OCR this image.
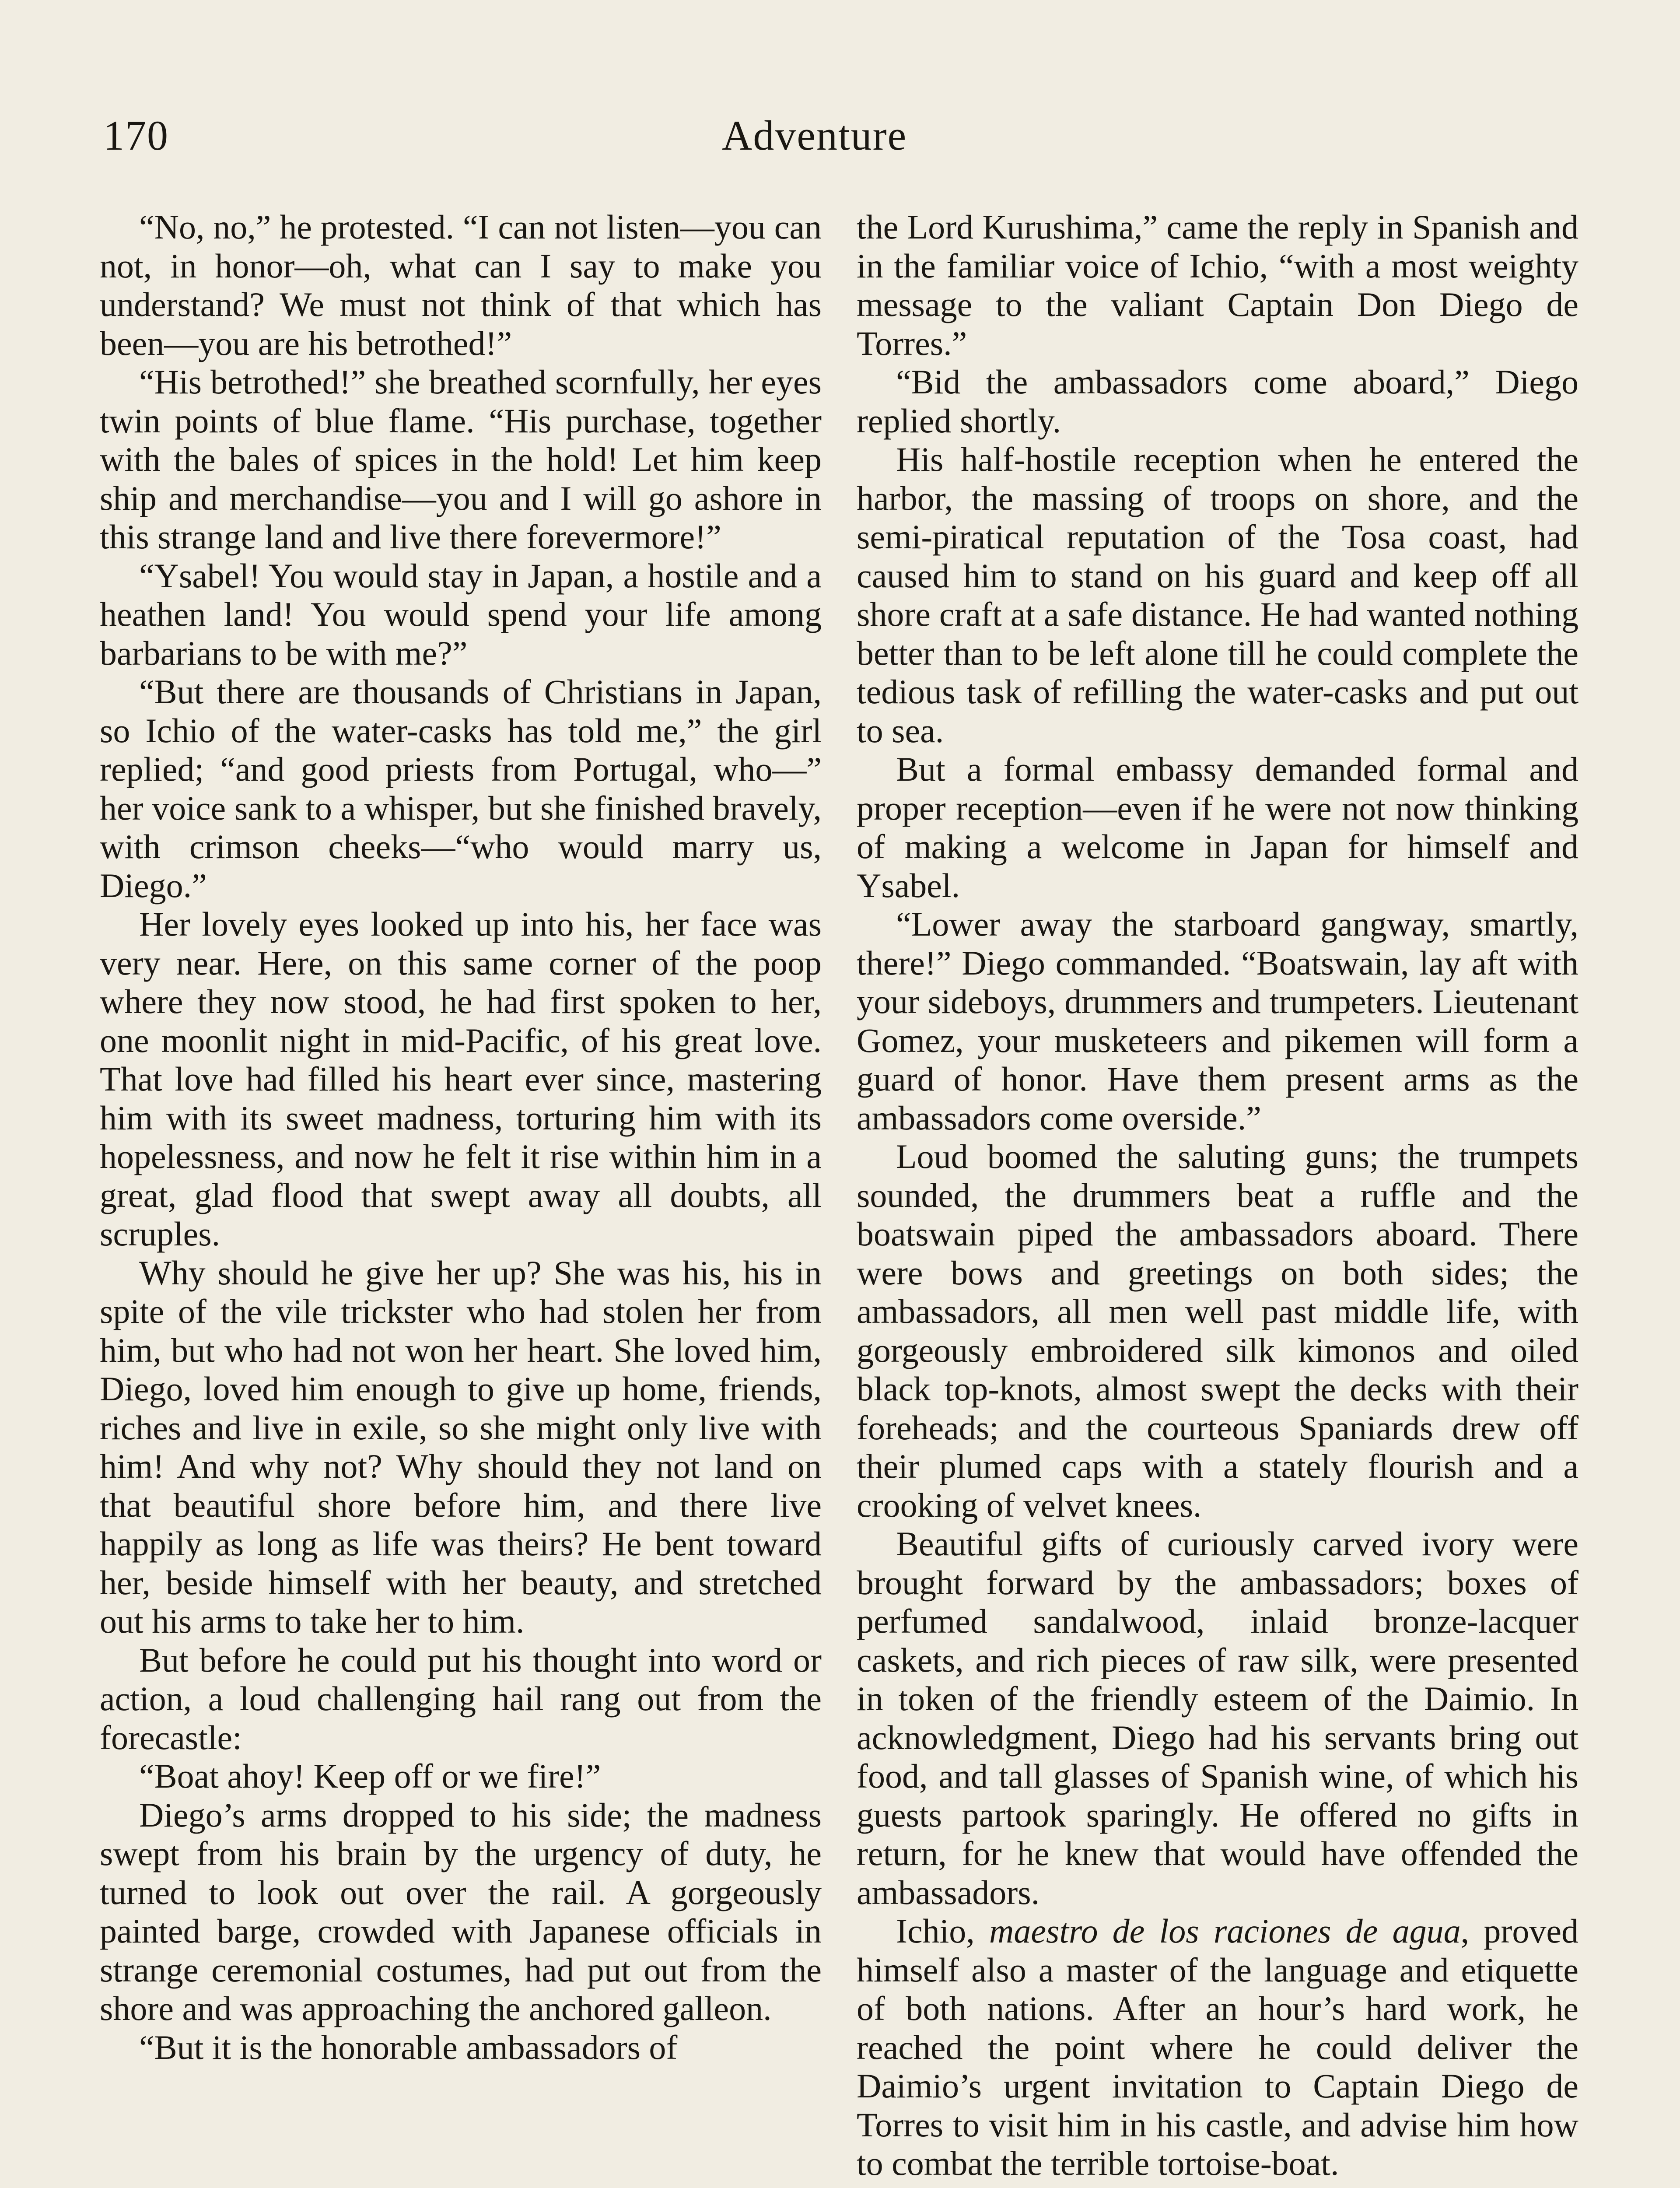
170	Adventure

“No, no,” he protested. “I can not listen—you can not, in honor—oh, what can I say to make you understand? We must not think of that which has been—you are his betrothed!”

“His betrothed!” she breathed scornfully, her eyes twin points of blue flame. “His purchase, together with the bales of spices in the hold! Let him keep ship and merchandise—you and I will go ashore in this strange land and live there forevermore!”

“Ysabel! You would stay in Japan, a hostile and a heathen land! You would spend your life among barbarians to be with me?”

“But there are thousands of Christians in Japan, so Ichio of the water-casks has told me,” the girl replied; “and good priests from Portugal, who—” her voice sank to a whisper, but she finished bravely, with crimson cheeks—“who would marry us, Diego.”

Her lovely eyes looked up into his, her face was very near. Here, on this same corner of the poop where they now stood, he had first spoken to her, one moonlit night in mid-Pacific, of his great love. That love had filled his heart ever since, mastering him with its sweet madness, torturing him with its hopelessness, and now he felt it rise within him in a great, glad flood that swept away all doubts, all scruples.

Why should he give her up? She was his, his in spite of the vile trickster who had stolen her from him, but who had not won her heart. She loved him, Diego, loved him enough to give up home, friends, riches and live in exile, so she might only live with him! And why not? Why should they not land on that beautiful shore before him, and there live happily as long as life was theirs? He bent toward her, beside himself with her beauty, and stretched out his arms to take her to him.

But before he could put his thought into word or action, a loud challenging hail rang out from the forecastle:

“Boat ahoy! Keep off or we fire!”

Diego’s arms dropped to his side; the madness swept from his brain by the urgency of duty, he turned to look out over the rail. A gorgeously painted barge, crowded with Japanese officials in strange ceremonial costumes, had put out from the shore and was approaching the anchored galleon.

“But it is the honorable ambassadors of

the Lord Kurushima,” came the reply in Spanish and in the familiar voice of Ichio, “with a most weighty message to the valiant Captain Don Diego de Torres.”

“Bid the ambassadors come aboard,” Diego replied shortly.

His half-hostile reception when he entered the harbor, the massing of troops on shore, and the semi-piratical reputation of the Tosa coast, had caused him to stand on his guard and keep off all shore craft at a safe distance. He had wanted nothing better than to be left alone till he could complete the tedious task of refilling the water-casks and put out to sea.

But a formal embassy demanded formal and proper reception—even if he were not now thinking of making a welcome in Japan for himself and Ysabel.

“Lower away the starboard gangway, smartly, there!” Diego commanded. “Boatswain, lay aft with your sideboys, drummers and trumpeters. Lieutenant Gomez, your musketeers and pikemen will form a guard of honor. Have them present arms as the ambassadors come overside.”

Loud boomed the saluting guns; the trumpets sounded, the drummers beat a ruffle and the boatswain piped the ambassadors aboard. There were bows and greetings on both sides; the ambassadors, all men well past middle life, with gorgeously embroidered silk kimonos and oiled black top-knots, almost swept the decks with their foreheads; and the courteous Spaniards drew off their plumed caps with a stately flourish and a crooking of velvet knees.

Beautiful gifts of curiously carved ivory were brought forward by the ambassadors; boxes of perfumed sandalwood, inlaid bronze-lacquer caskets, and rich pieces of raw silk, were presented in token of the friendly esteem of the Daimio. In acknowledgment, Diego had his servants bring out food, and tall glasses of Spanish wine, of which his guests partook sparingly. He offered no gifts in return, for he knew that would have offended the ambassadors.

Ichio, maestro de los raciones de agua, proved himself also a master of the language and etiquette of both nations. After an hour’s hard work, he reached the point where he could deliver the Daimio’s urgent invitation to Captain Diego de Torres to visit him in his castle, and advise him how to combat the terrible tortoise-boat.
